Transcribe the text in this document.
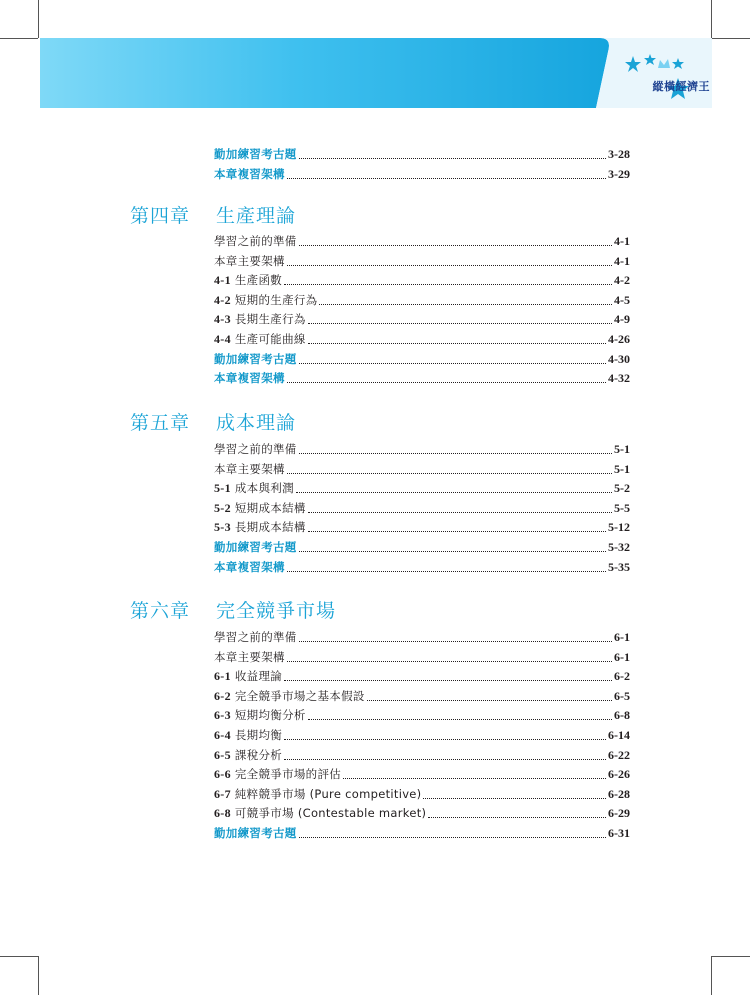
縱橫經濟王
勤加練習考古題	3-28
本章複習架構	3-29
第四章 生產理論
學習之前的準備	4-1
本章主要架構	4-1
4-1 生產函數	4-2
4-2 短期的生產行為	4-5
4-3 長期生產行為	4-9
4-4 生產可能曲線	4-26
勤加練習考古題	4-30
本章複習架構	4-32
第五章 成本理論
學習之前的準備	5-1
本章主要架構	5-1
5-1 成本與利潤	5-2
5-2 短期成本結構	5-5
5-3 長期成本結構	5-12
勤加練習考古題	5-32
本章複習架構	5-35
第六章 完全競爭市場
學習之前的準備	6-1
本章主要架構	6-1
6-1 收益理論	6-2
6-2 完全競爭市場之基本假設	6-5
6-3 短期均衡分析	6-8
6-4 長期均衡	6-14
6-5 課稅分析	6-22
6-6 完全競爭市場的評估	6-26
6-7 純粹競爭市場 (Pure competitive)	6-28
6-8 可競爭市場 (Contestable market)	6-29
勤加練習考古題	6-31
